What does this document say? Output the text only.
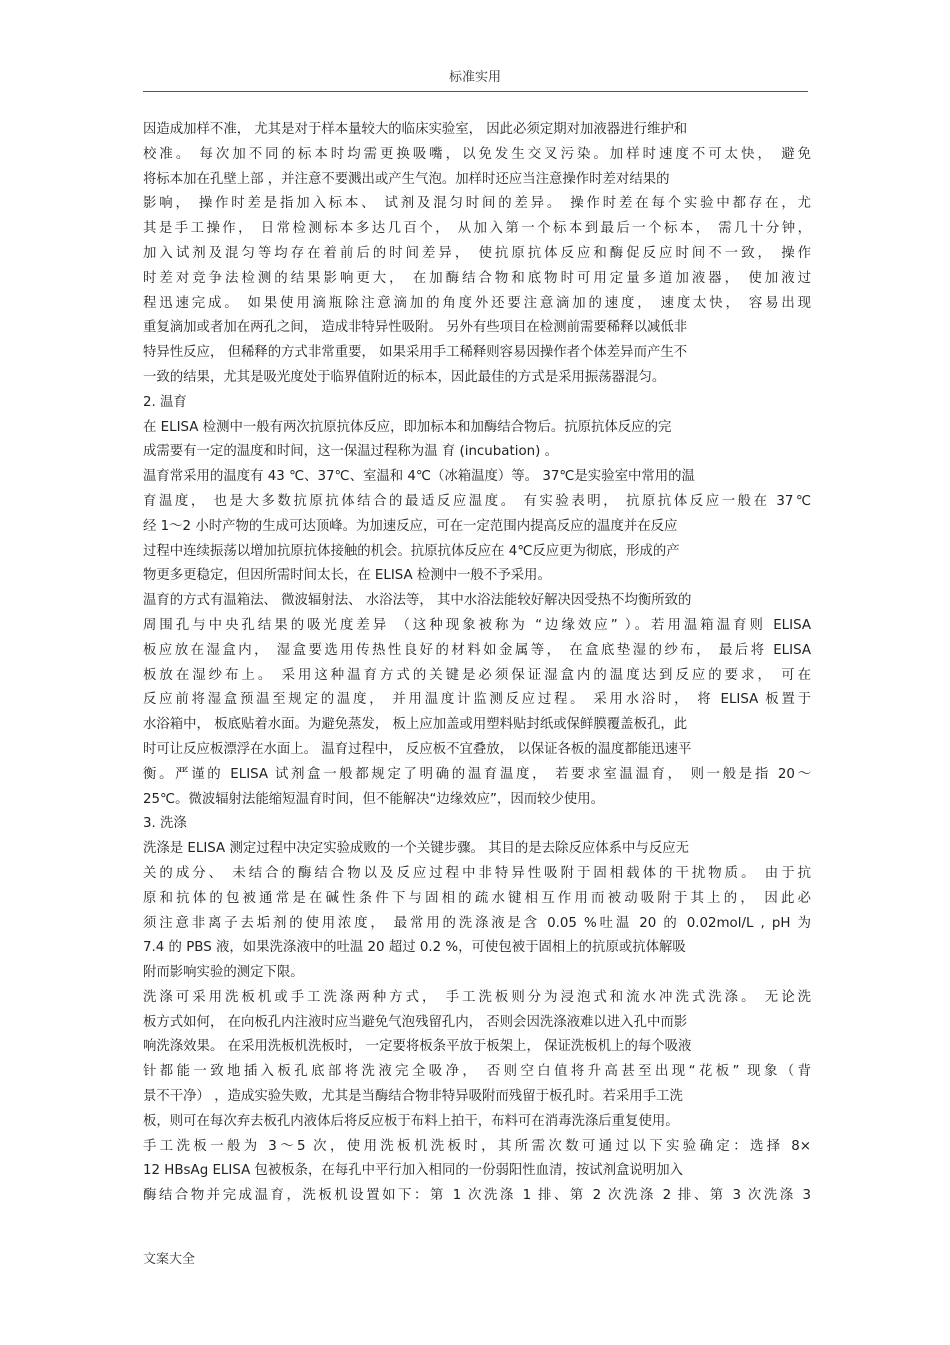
标准实用
因造成加样不准， 尤其是对于样本量较大的临床实验室， 因此必须定期对加液器进行维护和
校准。 每次加不同的标本时均需更换吸嘴，以免发生交叉污染。加样时速度不可太快， 避免
将标本加在孔壁上部 ，并注意不要溅出或产生气泡。加样时还应当注意操作时差对结果的
影响， 操作时差是指加入标本、 试剂及混匀时间的差异。 操作时差在每个实验中都存在，尤
其是手工操作， 日常检测标本多达几百个， 从加入第一个标本到最后一个标本， 需几十分钟，
加入试剂及混匀等均存在着前后的时间差异， 使抗原抗体反应和酶促反应时间不一致， 操作
时差对竞争法检测的结果影响更大， 在加酶结合物和底物时可用定量多道加液器， 使加液过
程迅速完成。 如果使用滴瓶除注意滴加的角度外还要注意滴加的速度， 速度太快， 容易出现
重复滴加或者加在两孔之间， 造成非特异性吸附。 另外有些项目在检测前需要稀释以减低非
特异性反应， 但稀释的方式非常重要， 如果采用手工稀释则容易因操作者个体差异而产生不
一致的结果，尤其是吸光度处于临界值附近的标本，因此最佳的方式是采用振荡器混匀。
2. 温育
在 ELISA 检测中一般有两次抗原抗体反应，即加标本和加酶结合物后。抗原抗体反应的完
成需要有一定的温度和时间，这一保温过程称为温 育 (incubation) 。
温育常采用的温度有 43 ℃、37℃、室温和 4℃（冰箱温度）等。 37℃是实验室中常用的温
育温度， 也是大多数抗原抗体结合的最适反应温度。 有实验表明， 抗原抗体反应一般在 37℃
经 1～2 小时产物的生成可达顶峰。为加速反应，可在一定范围内提高反应的温度并在反应
过程中连续振荡以增加抗原抗体接触的机会。抗原抗体反应在 4℃反应更为彻底，形成的产
物更多更稳定，但因所需时间太长，在 ELISA 检测中一般不予采用。
温育的方式有温箱法、 微波辐射法、 水浴法等， 其中水浴法能较好解决因受热不均衡所致的
周围孔与中央孔结果的吸光度差异 （这种现象被称为 “边缘效应” ）。若用温箱温育则 ELISA
板应放在湿盒内， 湿盒要选用传热性良好的材料如金属等， 在盒底垫湿的纱布， 最后将 ELISA
板放在湿纱布上。 采用这种温育方式的关键是必须保证湿盒内的温度达到反应的要求， 可在
反应前将湿盒预温至规定的温度， 并用温度计监测反应过程。 采用水浴时， 将 ELISA 板置于
水浴箱中， 板底贴着水面。为避免蒸发， 板上应加盖或用塑料贴封纸或保鲜膜覆盖板孔，此
时可让反应板漂浮在水面上。 温育过程中， 反应板不宜叠放， 以保证各板的温度都能迅速平
衡。严谨的 ELISA 试剂盒一般都规定了明确的温育温度， 若要求室温温育， 则一般是指 20～
25℃。微波辐射法能缩短温育时间，但不能解决“边缘效应”，因而较少使用。
3. 洗涤
洗涤是 ELISA 测定过程中决定实验成败的一个关键步骤。 其目的是去除反应体系中与反应无
关的成分、 未结合的酶结合物以及反应过程中非特异性吸附于固相载体的干扰物质。 由于抗
原和抗体的包被通常是在碱性条件下与固相的疏水键相互作用而被动吸附于其上的， 因此必
须注意非离子去垢剂的使用浓度， 最常用的洗涤液是含 0.05 %吐温 20 的 0.02mol/L , pH 为
7.4 的 PBS 液，如果洗涤液中的吐温 20 超过 0.2 %，可使包被于固相上的抗原或抗体解吸
附而影响实验的测定下限。
洗涤可采用洗板机或手工洗涤两种方式， 手工洗板则分为浸泡式和流水冲洗式洗涤。 无论洗
板方式如何， 在向板孔内注液时应当避免气泡残留孔内， 否则会因洗涤液难以进入孔中而影
响洗涤效果。 在采用洗板机洗板时， 一定要将板条平放于板架上， 保证洗板机上的每个吸液
针都能一致地插入板孔底部将洗液完全吸净， 否则空白值将升高甚至出现“花板” 现象（背
景不干净） ，造成实验失败，尤其是当酶结合物非特异吸附而残留于板孔时。若采用手工洗
板，则可在每次弃去板孔内液体后将反应板于布料上拍干，布料可在消毒洗涤后重复使用。
手工洗板一般为 3～5 次，使用洗板机洗板时，其所需次数可通过以下实验确定：选择 8×
12 HBsAg ELISA 包被板条，在每孔中平行加入相同的一份弱阳性血清，按试剂盒说明加入
酶结合物并完成温育，洗板机设置如下：第 1 次洗涤 1 排、第 2 次洗涤 2 排、第 3 次洗涤 3
文案大全
